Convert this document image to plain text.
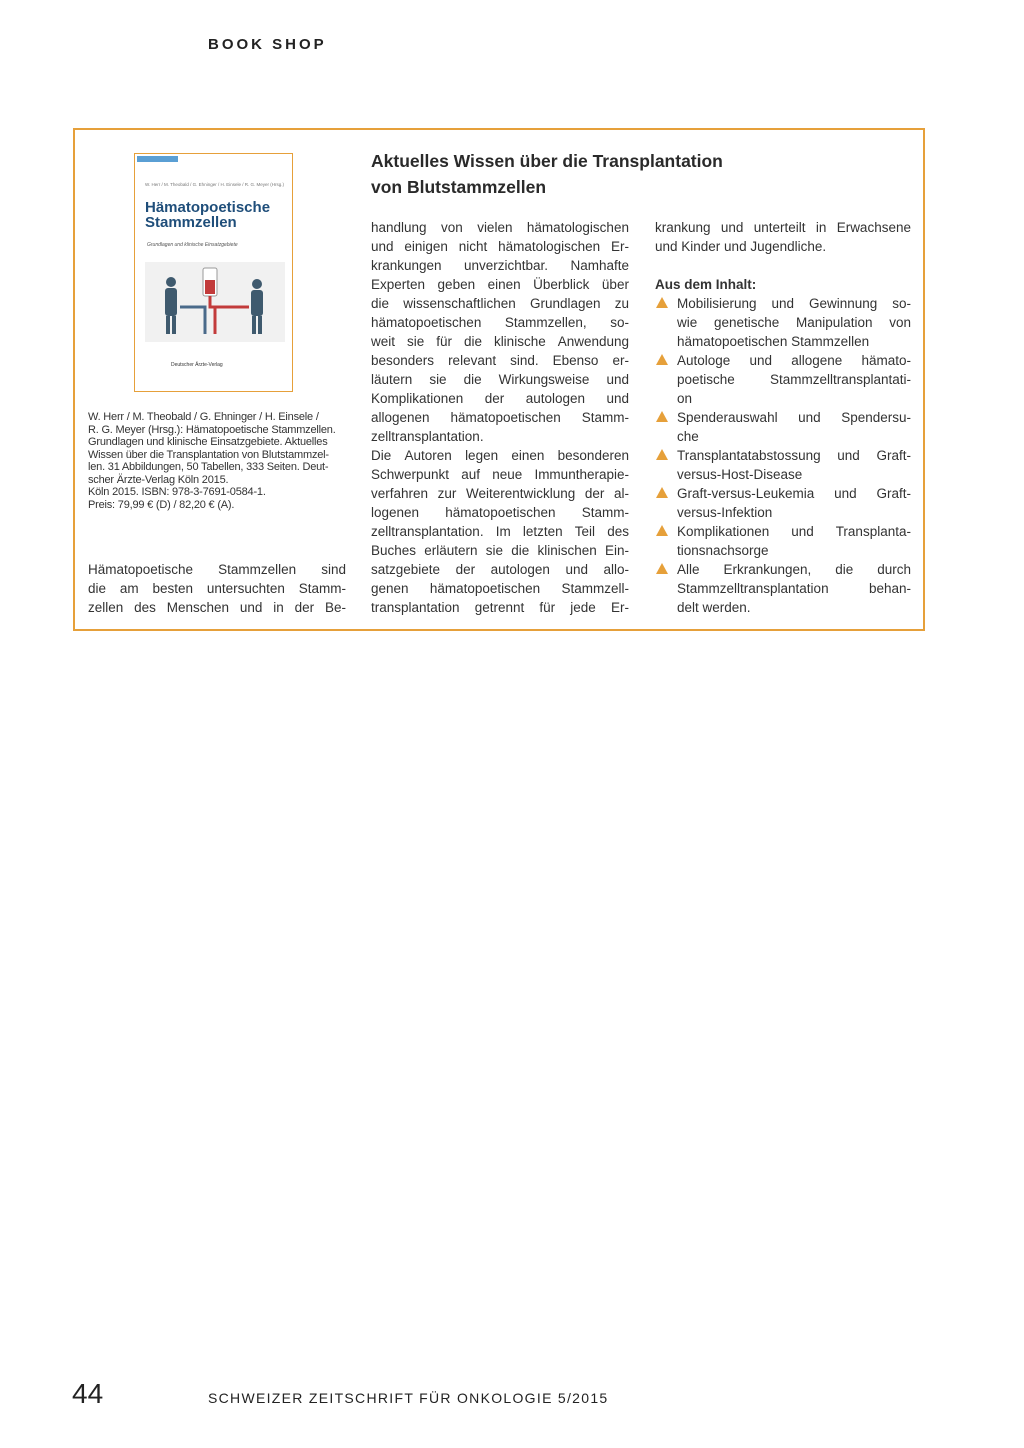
BOOK SHOP
W. Herr / M. Theobald / G. Ehninger / H. Einsele / R. G. Meyer (Hrsg.)
Hämatopoetische
Stammzellen
Grundlagen und klinische Einsatzgebiete
Deutscher Ärzte-Verlag
W. Herr / M. Theobald / G. Ehninger / H. Einsele /
R. G. Meyer (Hrsg.): Hämatopoetische Stammzellen.
Grundlagen und klinische Einsatzgebiete. Aktuelles
Wissen über die Transplantation von Blutstammzel-
len. 31 Abbildungen, 50 Tabellen, 333 Seiten. Deut-
scher Ärzte-Verlag Köln 2015.
Köln 2015. ISBN: 978-3-7691-0584-1.
Preis: 79,99 € (D) / 82,20 € (A).
Aktuelles Wissen über die Transplantation
von Blutstammzellen
Hämatopoetische Stammzellen sind
die am besten untersuchten Stamm-
zellen des Menschen und in der Be-
handlung von vielen hämatologischen
und einigen nicht hämatologischen Er-
krankungen unverzichtbar. Namhafte
Experten geben einen Überblick über
die wissenschaftlichen Grundlagen zu
hämatopoetischen Stammzellen, so-
weit sie für die klinische Anwendung
besonders relevant sind. Ebenso er-
läutern sie die Wirkungsweise und
Komplikationen der autologen und
allogenen hämatopoetischen Stamm-
zelltransplantation.
Die Autoren legen einen besonderen
Schwerpunkt auf neue Immuntherapie-
verfahren zur Weiterentwicklung der al-
logenen hämatopoetischen Stamm-
zelltransplantation. Im letzten Teil des
Buches erläutern sie die klinischen Ein-
satzgebiete der autologen und allo-
genen hämatopoetischen Stammzell-
transplantation getrennt für jede Er-
krankung und unterteilt in Erwachsene
und Kinder und Jugendliche.
Aus dem Inhalt:
Mobilisierung und Gewinnung so-
wie genetische Manipulation von
hämatopoetischen Stammzellen
Autologe und allogene hämato-
poetische	Stammzelltransplantati-
on
Spenderauswahl und Spendersu-
che
Transplantatabstossung und Graft-
versus-Host-Disease
Graft-versus-Leukemia und Graft-
versus-Infektion
Komplikationen und Transplanta-
tionsnachsorge
Alle Erkrankungen, die durch
Stammzelltransplantation	behan-
delt werden.
44	SCHWEIZER ZEITSCHRIFT FÜR ONKOLOGIE 5/2015
